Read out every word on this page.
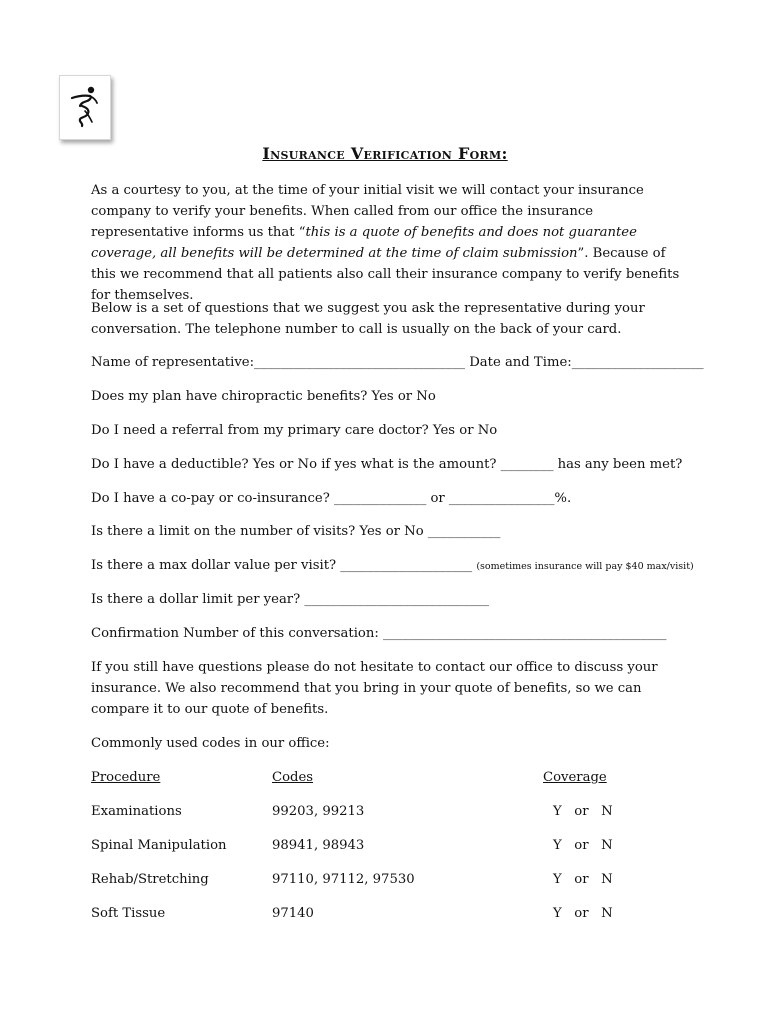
Insurance Verification Form:
As a courtesy to you, at the time of your initial visit we will contact your insurance company to verify your benefits. When called from our office the insurance representative informs us that “this is a quote of benefits and does not guarantee coverage, all benefits will be determined at the time of claim submission”. Because of this we recommend that all patients also call their insurance company to verify benefits for themselves.
Below is a set of questions that we suggest you ask the representative during your conversation. The telephone number to call is usually on the back of your card.
Name of representative:________________________________ Date and Time:____________________
Does my plan have chiropractic benefits? Yes or No
Do I need a referral from my primary care doctor? Yes or No
Do I have a deductible? Yes or No if yes what is the amount? ________ has any been met?
Do I have a co-pay or co-insurance? ______________ or ________________%.
Is there a limit on the number of visits? Yes or No ___________
Is there a max dollar value per visit? ____________________ (sometimes insurance will pay $40 max/visit)
Is there a dollar limit per year? ____________________________
Confirmation Number of this conversation: ___________________________________________
If you still have questions please do not hesitate to contact our office to discuss your insurance. We also recommend that you bring in your quote of benefits, so we can compare it to our quote of benefits.
Commonly used codes in our office:
Procedure	Codes	Coverage
Examinations	99203, 99213	Y   or   N
Spinal Manipulation	98941, 98943	Y   or   N
Rehab/Stretching	97110, 97112, 97530	Y   or   N
Soft Tissue	97140	Y   or   N
